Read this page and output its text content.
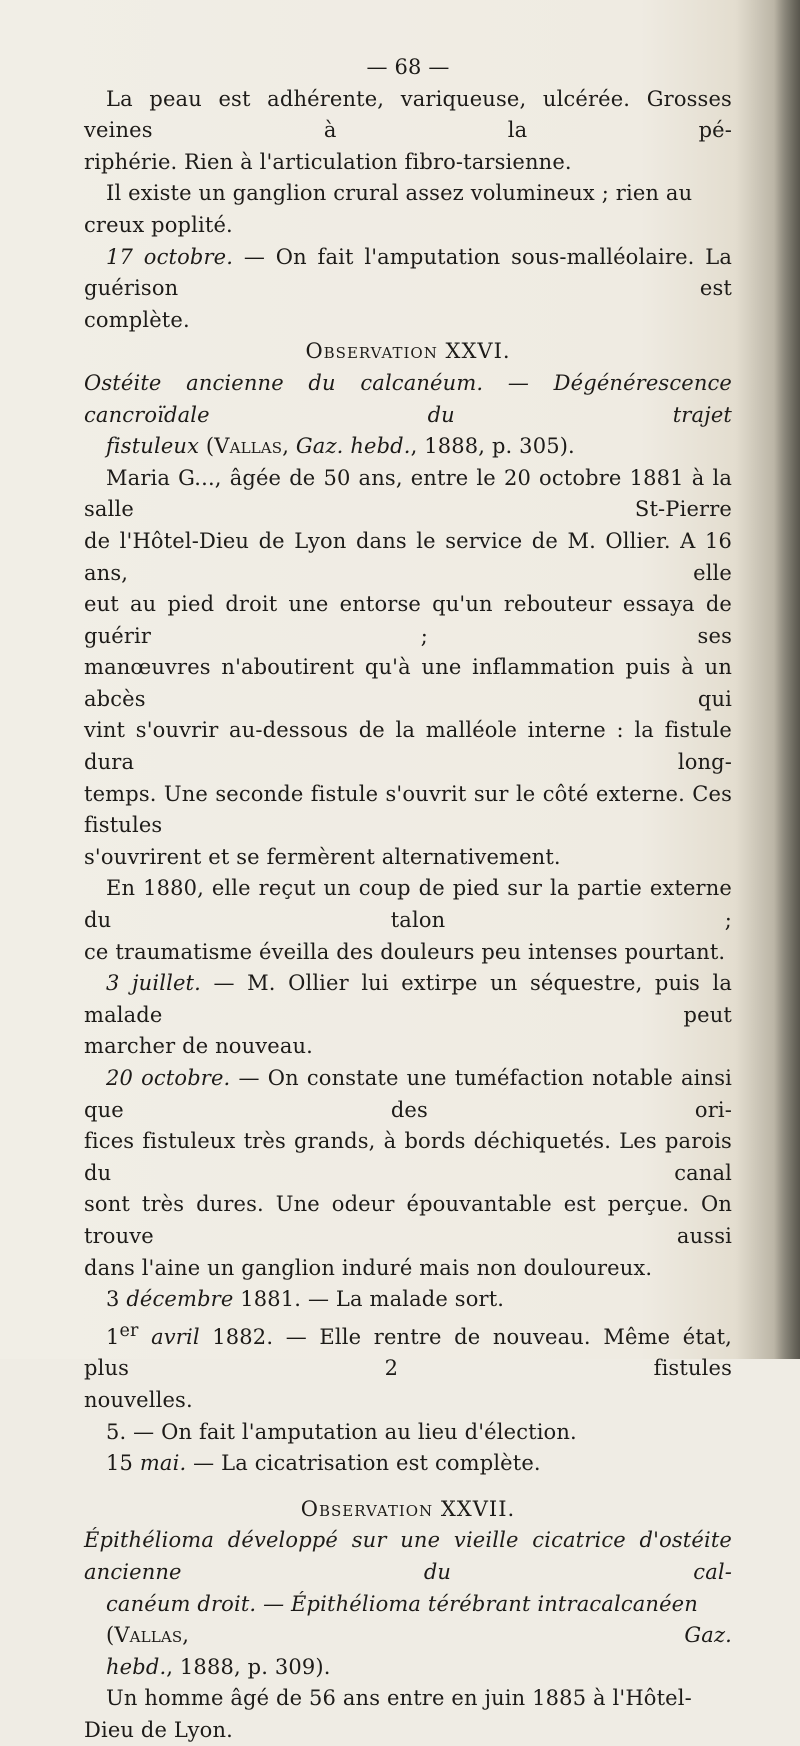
— 68 —

La peau est adhérente, variqueuse, ulcérée. Grosses veines à la pé-

riphérie. Rien à l'articulation fibro-tarsienne.

Il existe un ganglion crural assez volumineux ; rien au creux poplité.

17 octobre. — On fait l'amputation sous-malléolaire. La guérison est

complète.

Observation XXVI.

Ostéite ancienne du calcanéum. — Dégénérescence cancroïdale du trajet

fistuleux (Vallas, Gaz. hebd., 1888, p. 305).

Maria G..., âgée de 50 ans, entre le 20 octobre 1881 à la salle St-Pierre

de l'Hôtel-Dieu de Lyon dans le service de M. Ollier. A 16 ans, elle

eut au pied droit une entorse qu'un rebouteur essaya de guérir ; ses

manœuvres n'aboutirent qu'à une inflammation puis à un abcès qui

vint s'ouvrir au-dessous de la malléole interne : la fistule dura long-

temps. Une seconde fistule s'ouvrit sur le côté externe. Ces fistules

s'ouvrirent et se fermèrent alternativement.

En 1880, elle reçut un coup de pied sur la partie externe du talon ;

ce traumatisme éveilla des douleurs peu intenses pourtant.

3 juillet. — M. Ollier lui extirpe un séquestre, puis la malade peut

marcher de nouveau.

20 octobre. — On constate une tuméfaction notable ainsi que des ori-

fices fistuleux très grands, à bords déchiquetés. Les parois du canal

sont très dures. Une odeur épouvantable est perçue. On trouve aussi

dans l'aine un ganglion induré mais non douloureux.

3 décembre 1881. — La malade sort.

1er avril 1882. — Elle rentre de nouveau. Même état, plus 2 fistules

nouvelles.

5. — On fait l'amputation au lieu d'élection.

15 mai. — La cicatrisation est complète.

Observation XXVII.

Épithélioma développé sur une vieille cicatrice d'ostéite ancienne du cal-

canéum droit. — Épithélioma térébrant intracalcanéen (Vallas, Gaz.

hebd., 1888, p. 309).

Un homme âgé de 56 ans entre en juin 1885 à l'Hôtel-Dieu de Lyon.
